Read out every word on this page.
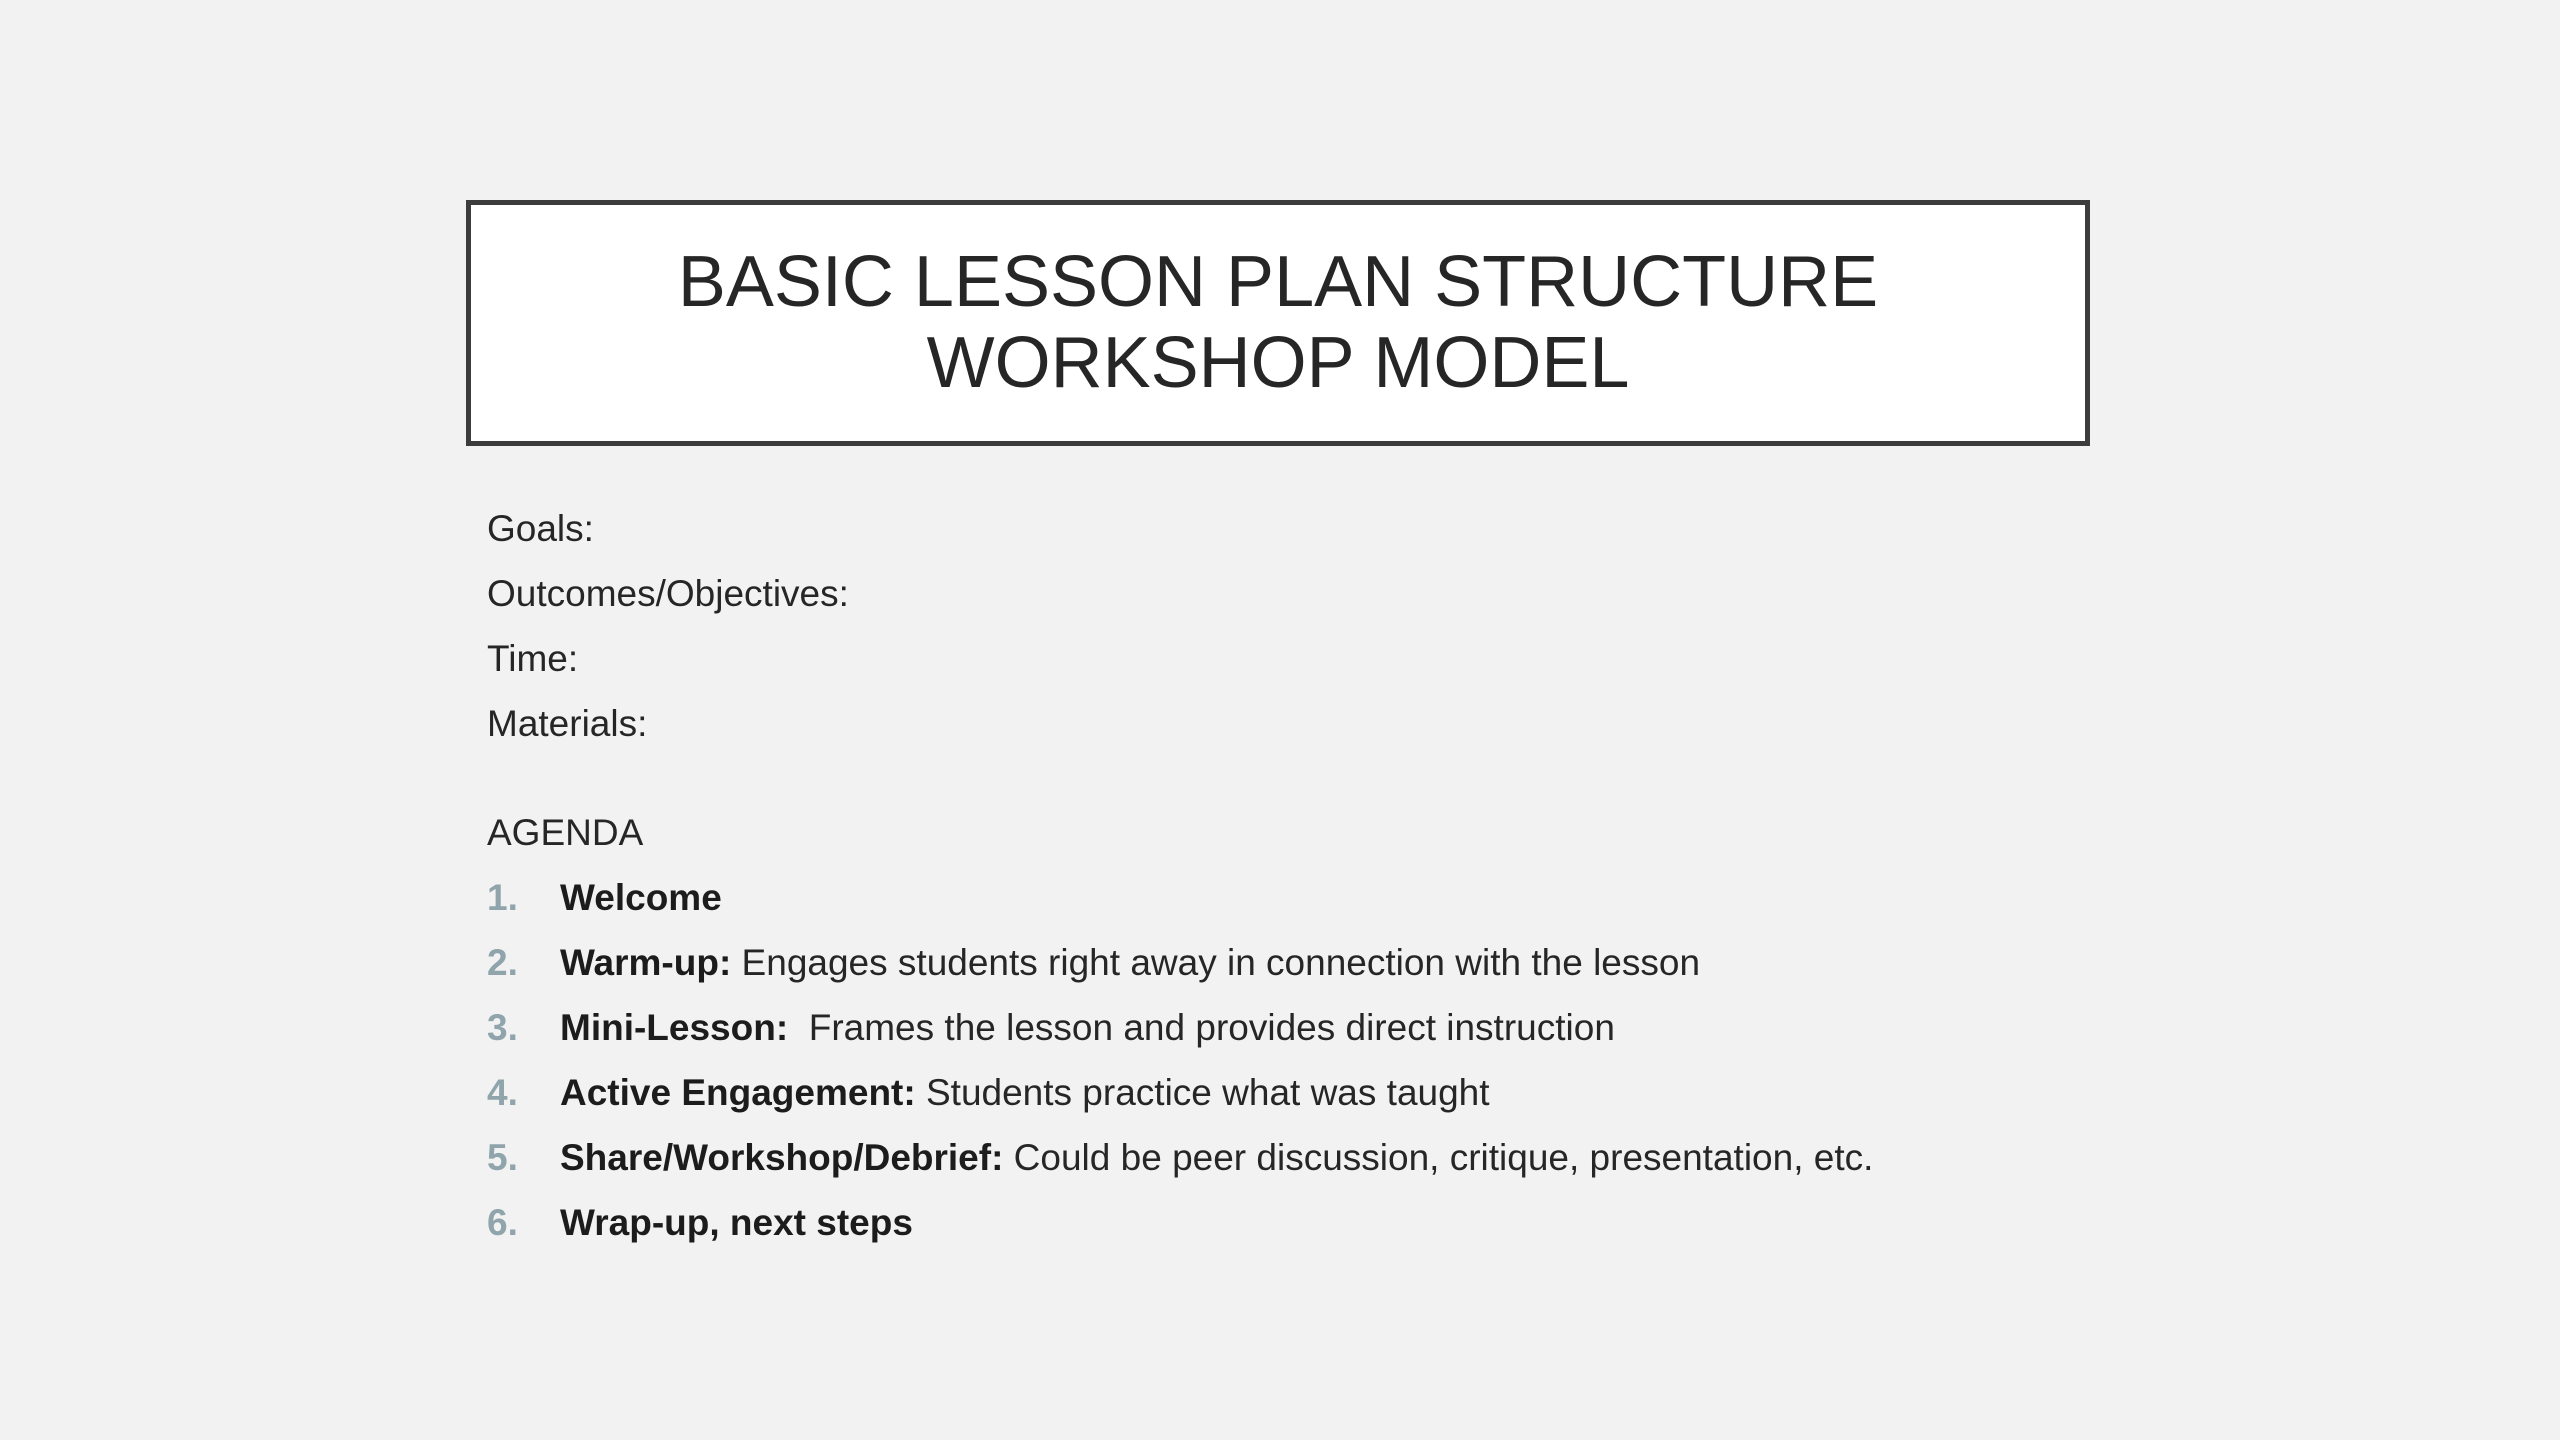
BASIC LESSON PLAN STRUCTURE
WORKSHOP MODEL
Goals:
Outcomes/Objectives:
Time:
Materials:
AGENDA
1.	Welcome
2.	Warm-up: Engages students right away in connection with the lesson
3.	Mini-Lesson: Frames the lesson and provides direct instruction
4.	Active Engagement: Students practice what was taught
5.	Share/Workshop/Debrief: Could be peer discussion, critique, presentation, etc.
6.	Wrap-up, next steps
